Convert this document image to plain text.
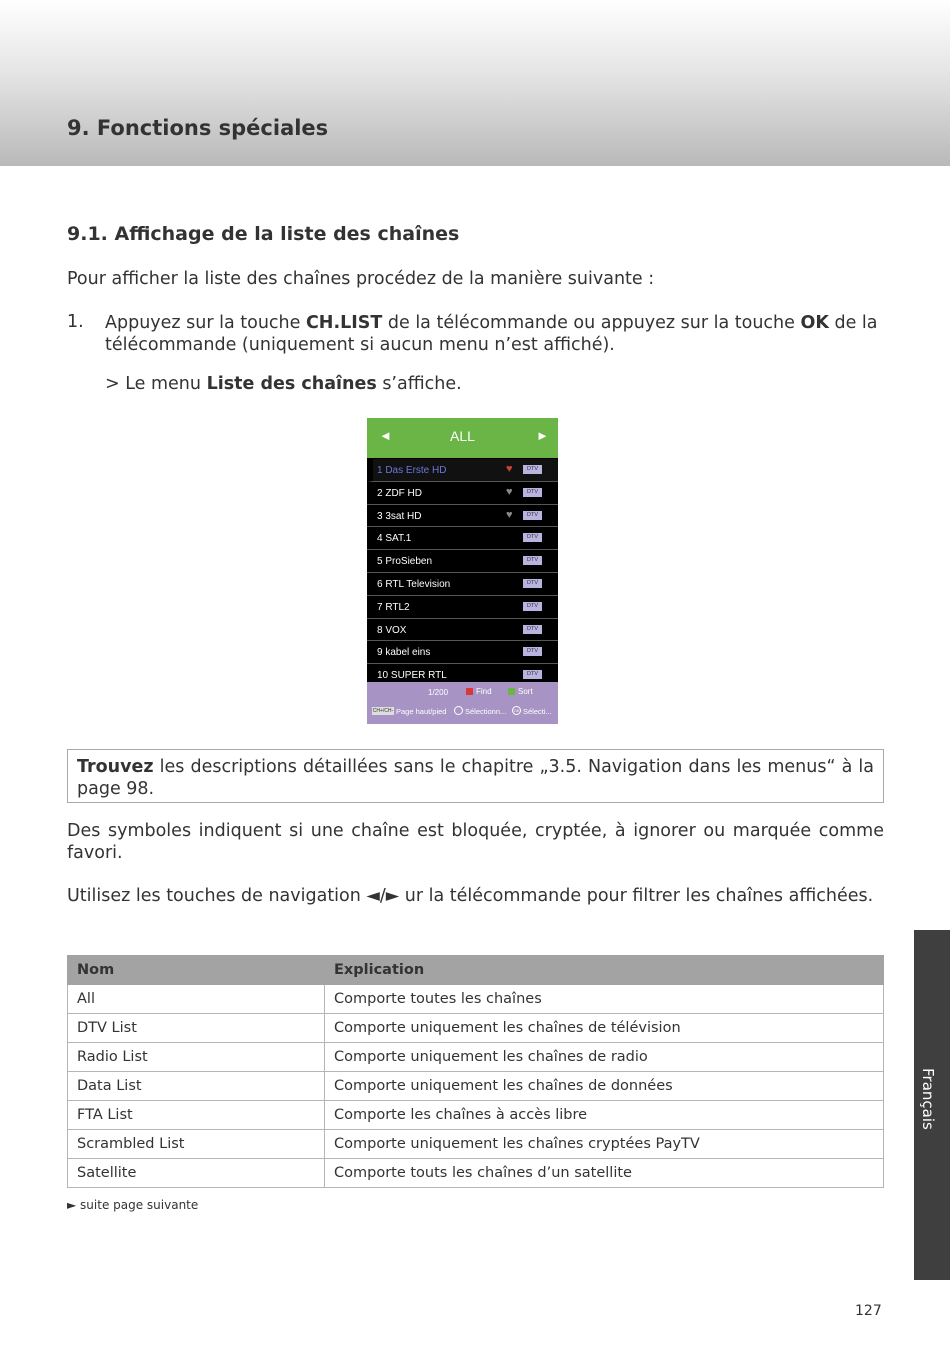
9. Fonctions spéciales
9.1. Affichage de la liste des chaînes
Pour afficher la liste des chaînes procédez de la manière suivante :
1. Appuyez sur la touche CH.LIST de la télécommande ou appuyez sur la touche OK de la télécommande (uniquement si aucun menu n’est affiché).
> Le menu Liste des chaînes s’affiche.
◄	ALL	►
1 Das Erste HD	♥	DTV
2 ZDF HD	♥	DTV
3 3sat HD	♥	DTV
4 SAT.1	DTV
5 ProSieben	DTV
6 RTL Television	DTV
7 RTL2	DTV
8 VOX	DTV
9 kabel eins	DTV
10 SUPER RTL	DTV
1/200	Find	Sort
CH+/CH- Page haut/pied Sélectionn...	OK Sélecti...
Trouvez les descriptions détaillées sans le chapitre „3.5. Navigation dans les menus“ à la page 98.
Des symboles indiquent si une chaîne est bloquée, cryptée, à ignorer ou marquée comme favori.
Utilisez les touches de navigation ◄/► ur la télécommande pour filtrer les chaînes affichées.
Nom	Explication
All	Comporte toutes les chaînes
DTV List	Comporte uniquement les chaînes de télévision
Radio List	Comporte uniquement les chaînes de radio
Data List	Comporte uniquement les chaînes de données
FTA List	Comporte les chaînes à accès libre
Scrambled List	Comporte uniquement les chaînes cryptées PayTV
Satellite	Comporte touts les chaînes d’un satellite
► suite page suivante
Français
127
